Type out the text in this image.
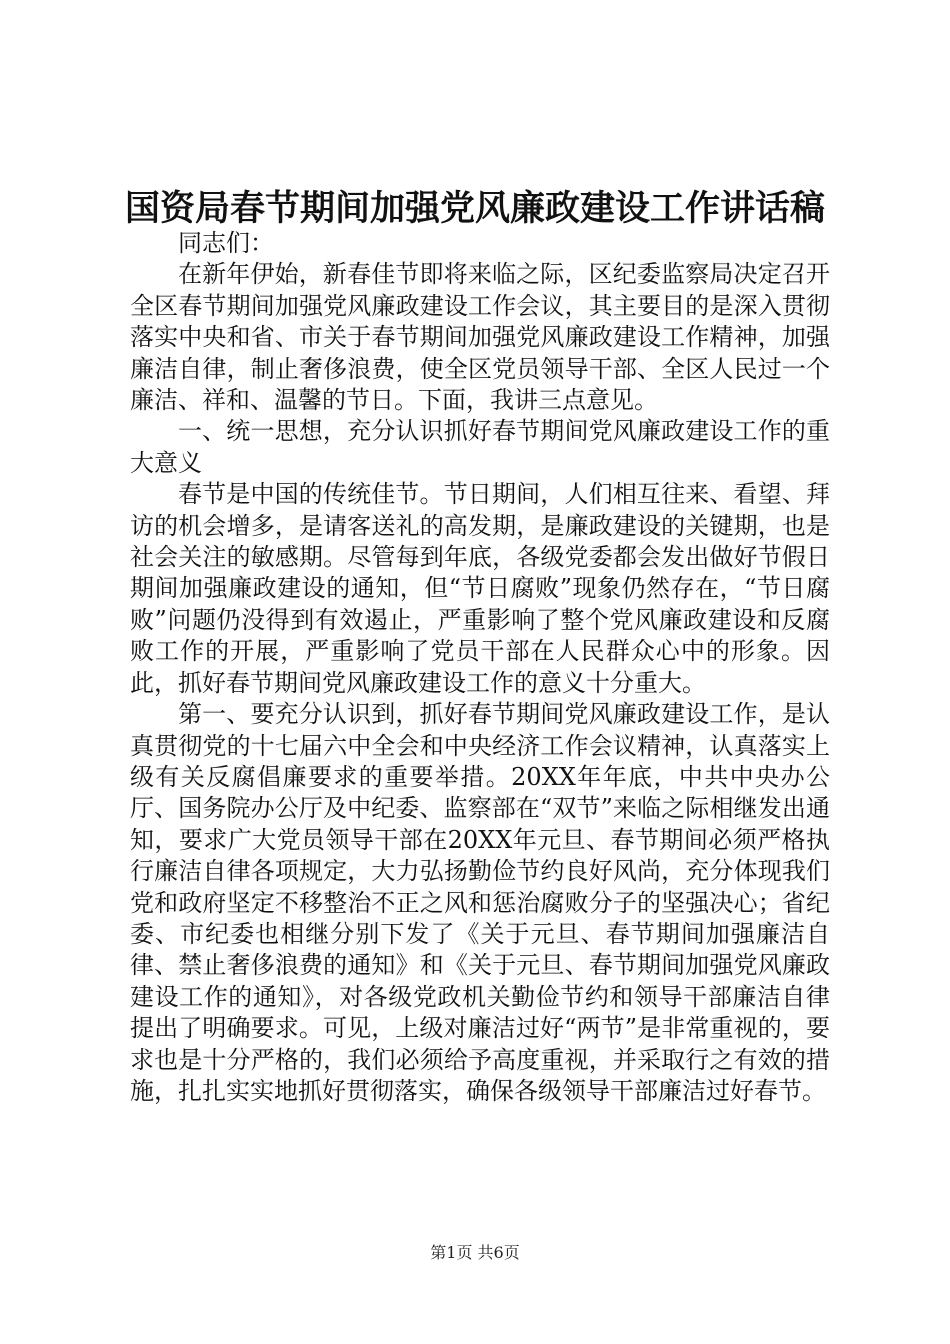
国资局春节期间加强党风廉政建设工作讲话稿

同志们：

在新年伊始，新春佳节即将来临之际，区纪委监察局决定召开全区春节期间加强党风廉政建设工作会议，其主要目的是深入贯彻落实中央和省、市关于春节期间加强党风廉政建设工作精神，加强廉洁自律，制止奢侈浪费，使全区党员领导干部、全区人民过一个廉洁、祥和、温馨的节日。下面，我讲三点意见。

一、统一思想，充分认识抓好春节期间党风廉政建设工作的重大意义

春节是中国的传统佳节。节日期间，人们相互往来、看望、拜访的机会增多，是请客送礼的高发期，是廉政建设的关键期，也是社会关注的敏感期。尽管每到年底，各级党委都会发出做好节假日期间加强廉政建设的通知，但“节日腐败”现象仍然存在，“节日腐败”问题仍没得到有效遏止，严重影响了整个党风廉政建设和反腐败工作的开展，严重影响了党员干部在人民群众心中的形象。因此，抓好春节期间党风廉政建设工作的意义十分重大。

第一、要充分认识到，抓好春节期间党风廉政建设工作，是认真贯彻党的十七届六中全会和中央经济工作会议精神，认真落实上级有关反腐倡廉要求的重要举措。20XX年年底，中共中央办公厅、国务院办公厅及中纪委、监察部在“双节”来临之际相继发出通知，要求广大党员领导干部在20XX年元旦、春节期间必须严格执行廉洁自律各项规定，大力弘扬勤俭节约良好风尚，充分体现我们党和政府坚定不移整治不正之风和惩治腐败分子的坚强决心；省纪委、市纪委也相继分别下发了《关于元旦、春节期间加强廉洁自律、禁止奢侈浪费的通知》和《关于元旦、春节期间加强党风廉政建设工作的通知》，对各级党政机关勤俭节约和领导干部廉洁自律提出了明确要求。可见，上级对廉洁过好“两节”是非常重视的，要求也是十分严格的，我们必须给予高度重视，并采取行之有效的措施，扎扎实实地抓好贯彻落实，确保各级领导干部廉洁过好春节。

第1页 共6页
